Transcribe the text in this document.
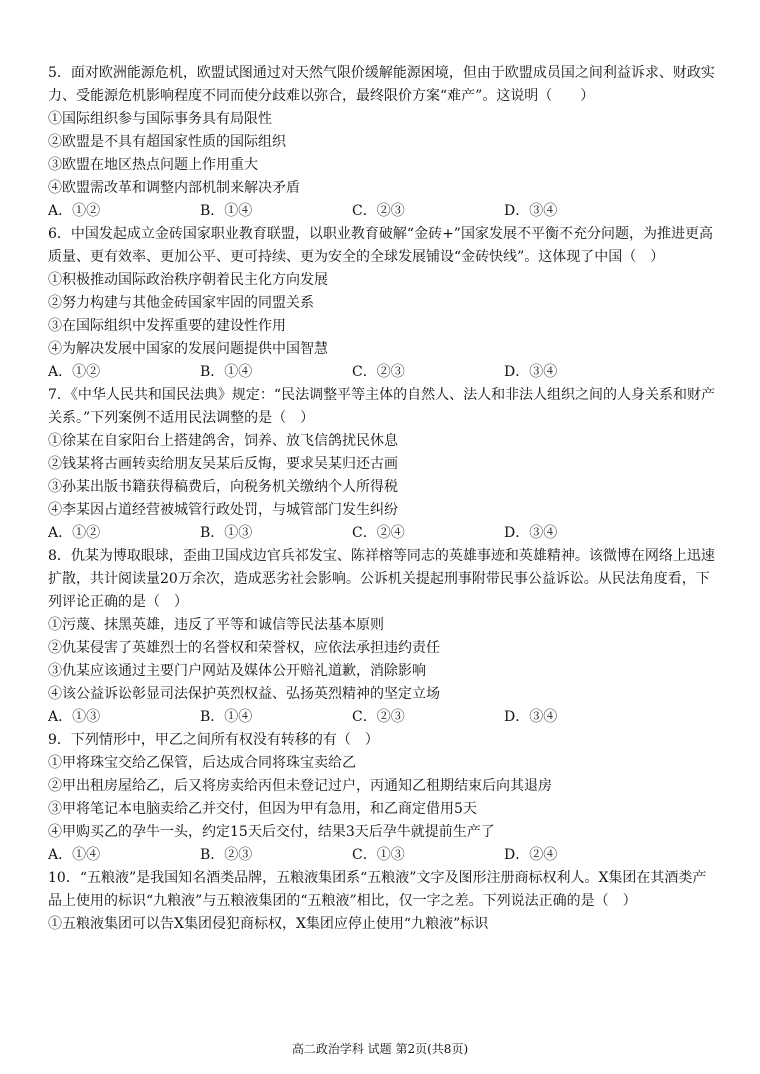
5．面对欧洲能源危机，欧盟试图通过对天然气限价缓解能源困境，但由于欧盟成员国之间利益诉求、财政实力、受能源危机影响程度不同而使分歧难以弥合，最终限价方案“难产”。这说明（　　）

①国际组织参与国际事务具有局限性

②欧盟是不具有超国家性质的国际组织

③欧盟在地区热点问题上作用重大

④欧盟需改革和调整内部机制来解决矛盾

A．①②	B．①④	C．②③	D．③④

6．中国发起成立金砖国家职业教育联盟，以职业教育破解“金砖+”国家发展不平衡不充分问题，为推进更高质量、更有效率、更加公平、更可持续、更为安全的全球发展铺设“金砖快线”。这体现了中国（　）

①积极推动国际政治秩序朝着民主化方向发展

②努力构建与其他金砖国家牢固的同盟关系

③在国际组织中发挥重要的建设性作用

④为解决发展中国家的发展问题提供中国智慧

A．①②	B．①④	C．②③	D．③④

7．《中华人民共和国民法典》规定：“民法调整平等主体的自然人、法人和非法人组织之间的人身关系和财产关系。”下列案例不适用民法调整的是（　）

①徐某在自家阳台上搭建鸽舍，饲养、放飞信鸽扰民休息

②钱某将古画转卖给朋友吴某后反悔，要求吴某归还古画

③孙某出版书籍获得稿费后，向税务机关缴纳个人所得税

④李某因占道经营被城管行政处罚，与城管部门发生纠纷

A．①②	B．①③	C．②④	D．③④

8．仇某为博取眼球，歪曲卫国戍边官兵祁发宝、陈祥榕等同志的英雄事迹和英雄精神。该微博在网络上迅速扩散，共计阅读量20万余次，造成恶劣社会影响。公诉机关提起刑事附带民事公益诉讼。从民法角度看，下列评论正确的是（　）

①污蔑、抹黑英雄，违反了平等和诚信等民法基本原则

②仇某侵害了英雄烈士的名誉权和荣誉权，应依法承担违约责任

③仇某应该通过主要门户网站及媒体公开赔礼道歉，消除影响

④该公益诉讼彰显司法保护英烈权益、弘扬英烈精神的坚定立场

A．①③	B．①④	C．②③	D．③④

9．下列情形中，甲乙之间所有权没有转移的有（　）

①甲将珠宝交给乙保管，后达成合同将珠宝卖给乙

②甲出租房屋给乙，后又将房卖给丙但未登记过户，丙通知乙租期结束后向其退房

③甲将笔记本电脑卖给乙并交付，但因为甲有急用，和乙商定借用5天

④甲购买乙的孕牛一头，约定15天后交付，结果3天后孕牛就提前生产了

A．①④	B．②③	C．①③	D．②④

10．“五粮液”是我国知名酒类品牌，五粮液集团系“五粮液”文字及图形注册商标权利人。X集团在其酒类产品上使用的标识“九粮液”与五粮液集团的“五粮液”相比，仅一字之差。下列说法正确的是（　）

①五粮液集团可以告X集团侵犯商标权，X集团应停止使用“九粮液”标识

高二政治学科 试题 第2页(共8页)
